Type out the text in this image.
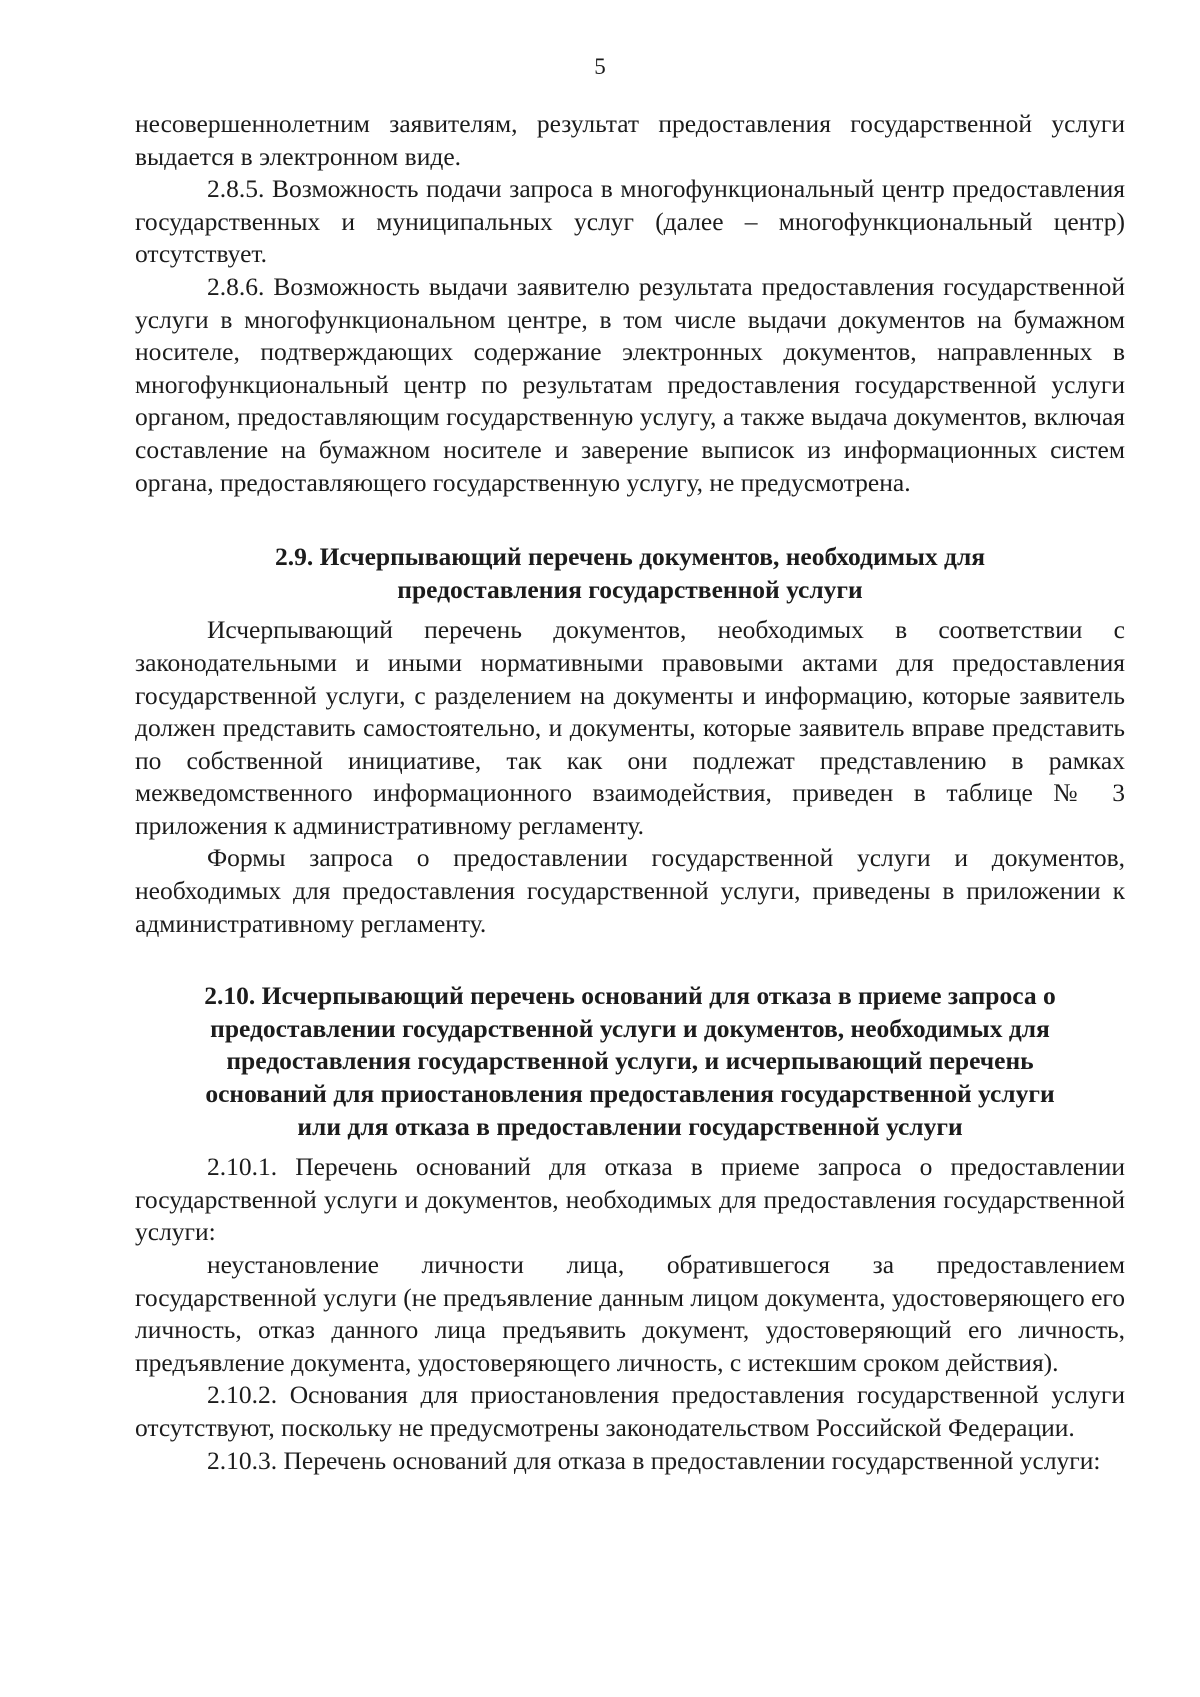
5

несовершеннолетним заявителям, результат предоставления государственной услуги выдается в электронном виде.

2.8.5. Возможность подачи запроса в многофункциональный центр предоставления государственных и муниципальных услуг (далее – многофункциональный центр) отсутствует.

2.8.6. Возможность выдачи заявителю результата предоставления государственной услуги в многофункциональном центре, в том числе выдачи документов на бумажном носителе, подтверждающих содержание электронных документов, направленных в многофункциональный центр по результатам предоставления государственной услуги органом, предоставляющим государственную услугу, а также выдача документов, включая составление на бумажном носителе и заверение выписок из информационных систем органа, предоставляющего государственную услугу, не предусмотрена.

2.9. Исчерпывающий перечень документов, необходимых для предоставления государственной услуги

Исчерпывающий перечень документов, необходимых в соответствии с законодательными и иными нормативными правовыми актами для предоставления государственной услуги, с разделением на документы и информацию, которые заявитель должен представить самостоятельно, и документы, которые заявитель вправе представить по собственной инициативе, так как они подлежат представлению в рамках межведомственного информационного взаимодействия, приведен в таблице № 3 приложения к административному регламенту.

Формы запроса о предоставлении государственной услуги и документов, необходимых для предоставления государственной услуги, приведены в приложении к административному регламенту.

2.10. Исчерпывающий перечень оснований для отказа в приеме запроса о
предоставлении государственной услуги и документов, необходимых для
предоставления государственной услуги, и исчерпывающий перечень
оснований для приостановления предоставления государственной услуги
или для отказа в предоставлении государственной услуги

2.10.1. Перечень оснований для отказа в приеме запроса о предоставлении государственной услуги и документов, необходимых для предоставления государственной услуги:

неустановление личности лица, обратившегося за предоставлением государственной услуги (не предъявление данным лицом документа, удостоверяющего его личность, отказ данного лица предъявить документ, удостоверяющий его личность, предъявление документа, удостоверяющего личность, с истекшим сроком действия).

2.10.2. Основания для приостановления предоставления государственной услуги отсутствуют, поскольку не предусмотрены законодательством Российской Федерации.

2.10.3. Перечень оснований для отказа в предоставлении государственной услуги:
